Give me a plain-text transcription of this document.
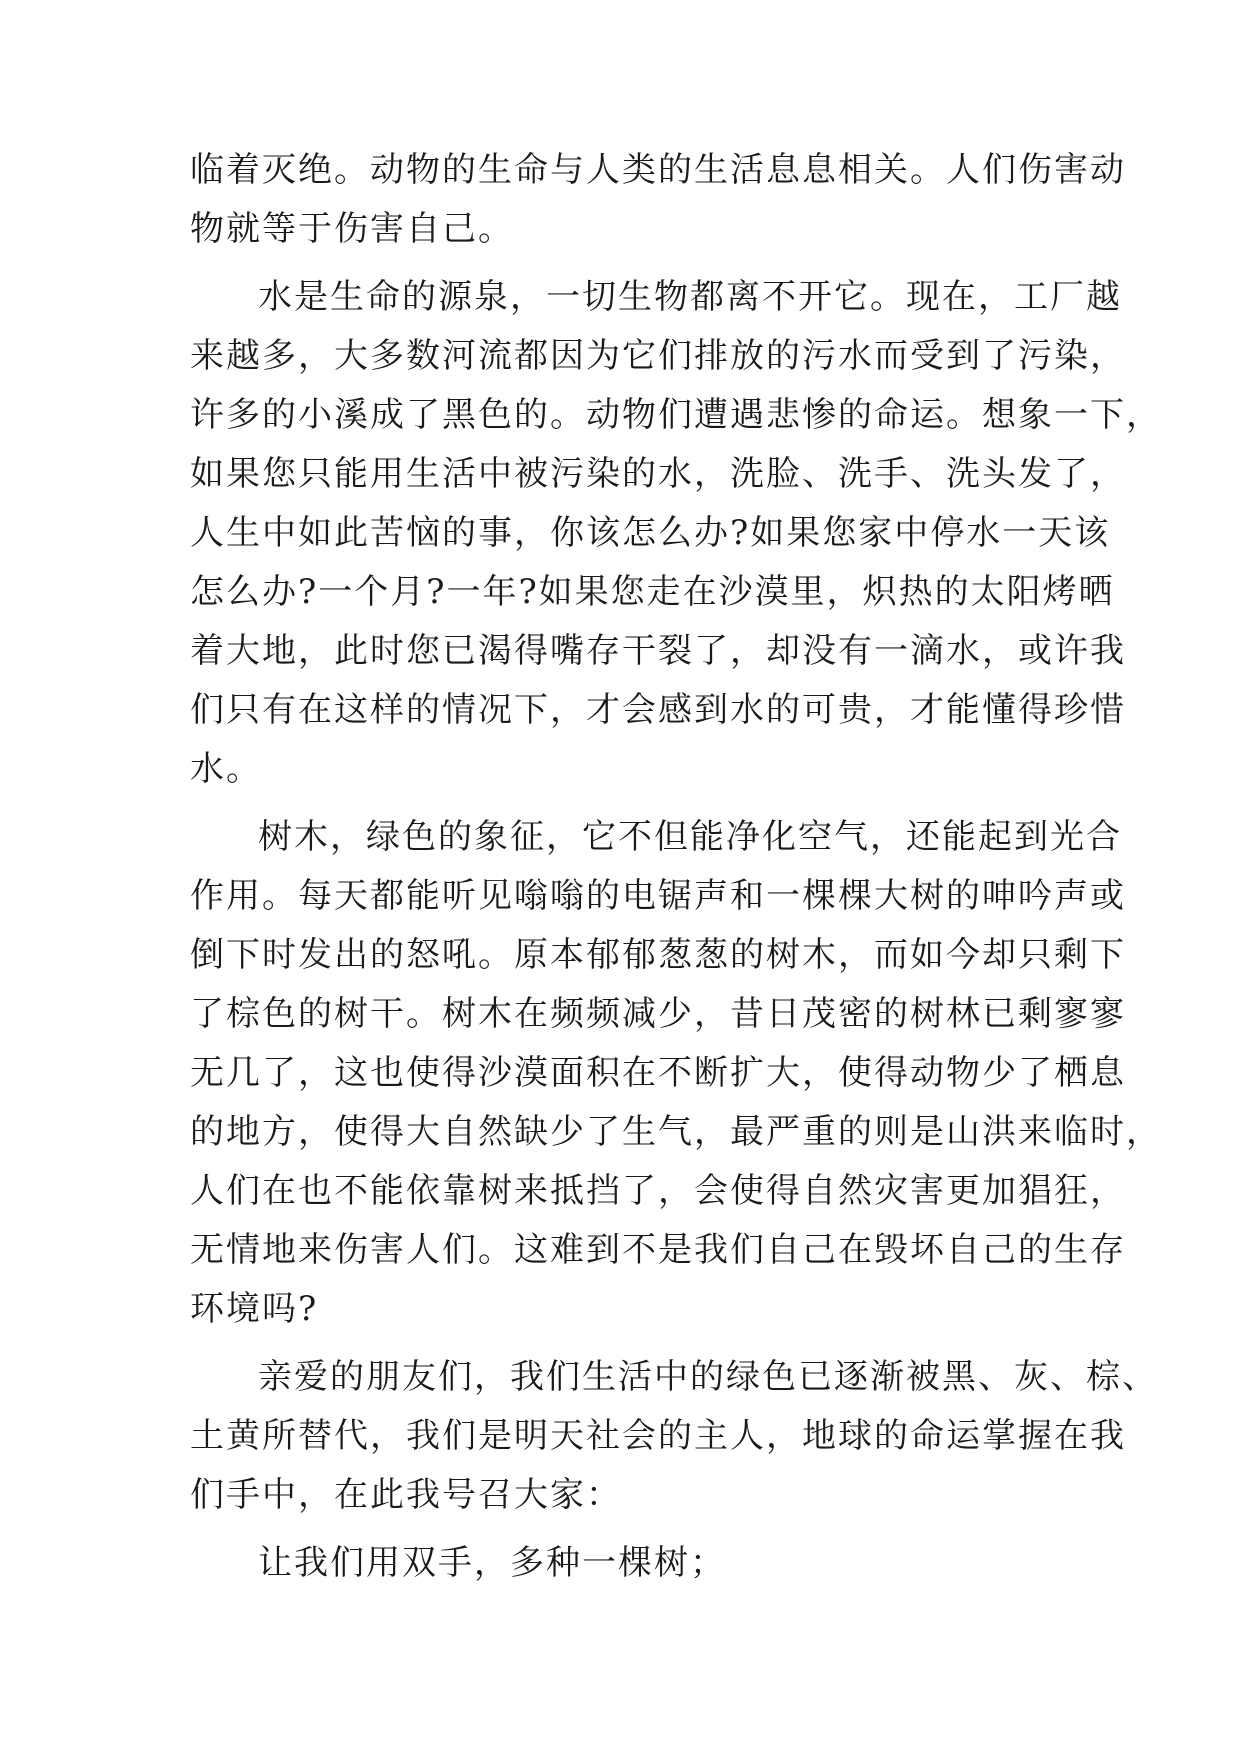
临着灭绝。动物的生命与人类的生活息息相关。人们伤害动
物就等于伤害自己。
水是生命的源泉，一切生物都离不开它。现在，工厂越
来越多，大多数河流都因为它们排放的污水而受到了污染，
许多的小溪成了黑色的。动物们遭遇悲惨的命运。想象一下，
如果您只能用生活中被污染的水，洗脸、洗手、洗头发了，
人生中如此苦恼的事，你该怎么办?如果您家中停水一天该
怎么办?一个月?一年?如果您走在沙漠里，炽热的太阳烤晒
着大地，此时您已渴得嘴存干裂了，却没有一滴水，或许我
们只有在这样的情况下，才会感到水的可贵，才能懂得珍惜
水。
树木，绿色的象征，它不但能净化空气，还能起到光合
作用。每天都能听见嗡嗡的电锯声和一棵棵大树的呻吟声或
倒下时发出的怒吼。原本郁郁葱葱的树木，而如今却只剩下
了棕色的树干。树木在频频减少，昔日茂密的树林已剩寥寥
无几了，这也使得沙漠面积在不断扩大，使得动物少了栖息
的地方，使得大自然缺少了生气，最严重的则是山洪来临时，
人们在也不能依靠树来抵挡了，会使得自然灾害更加猖狂，
无情地来伤害人们。这难到不是我们自己在毁坏自己的生存
环境吗?
亲爱的朋友们，我们生活中的绿色已逐渐被黑、灰、棕、
土黄所替代，我们是明天社会的主人，地球的命运掌握在我
们手中，在此我号召大家：
让我们用双手，多种一棵树；
